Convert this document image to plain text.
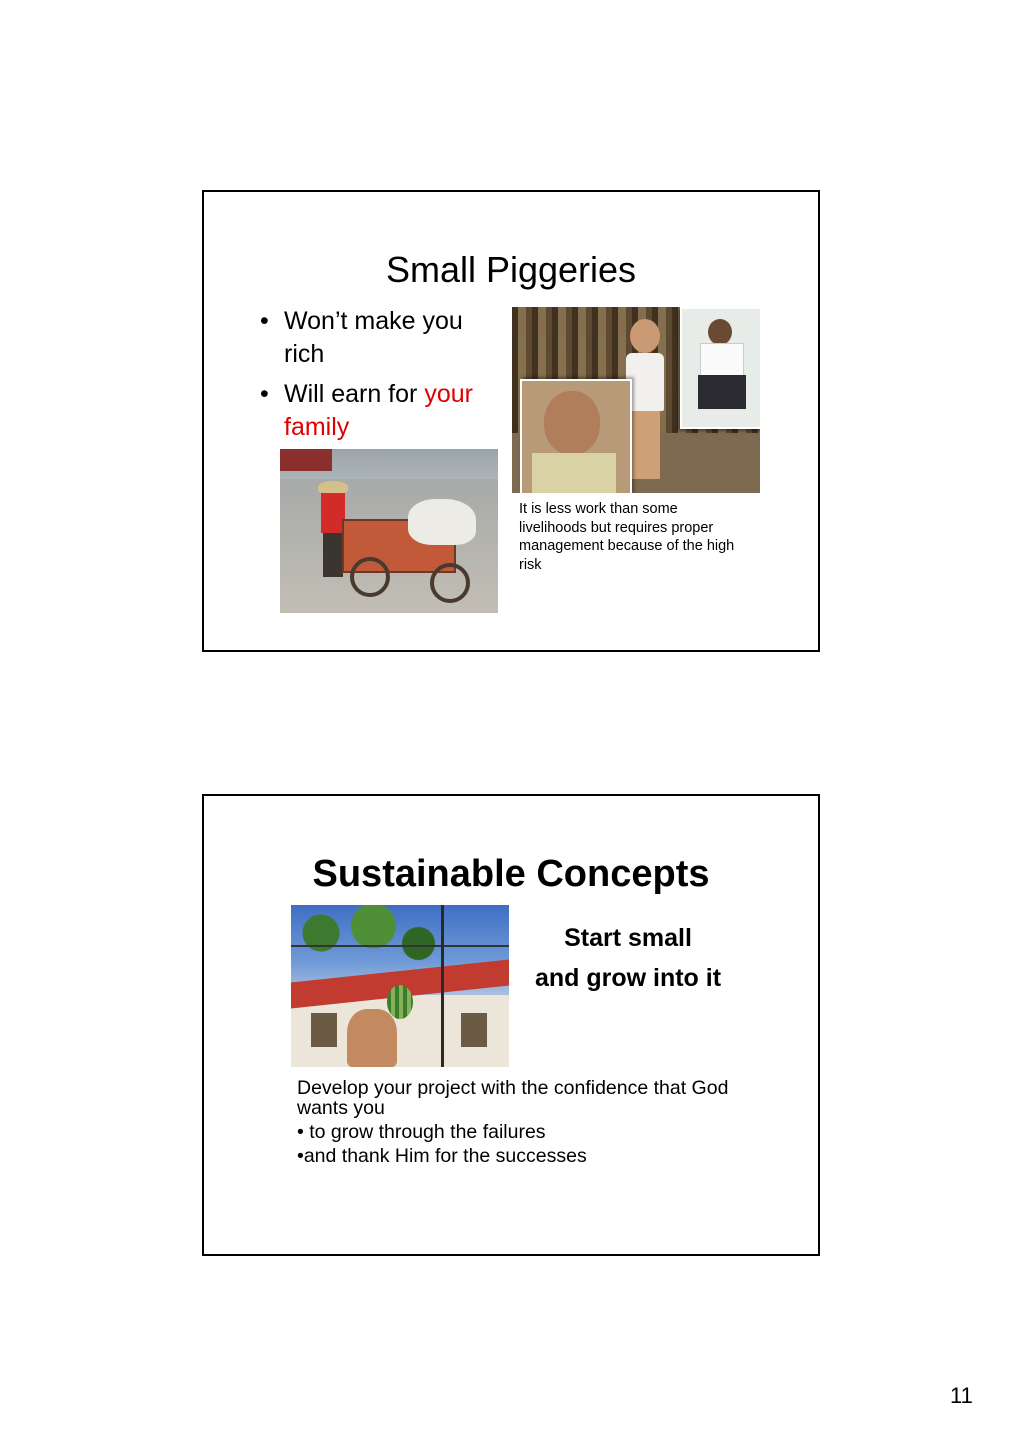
Small Piggeries
• Won’t make you rich
• Will earn for your family
It is less work than some livelihoods but requires proper management because of the high risk
Sustainable Concepts
Start small
and grow into it
Develop your project with the confidence that God wants you
• to grow through the failures
•and thank Him for the successes
11
